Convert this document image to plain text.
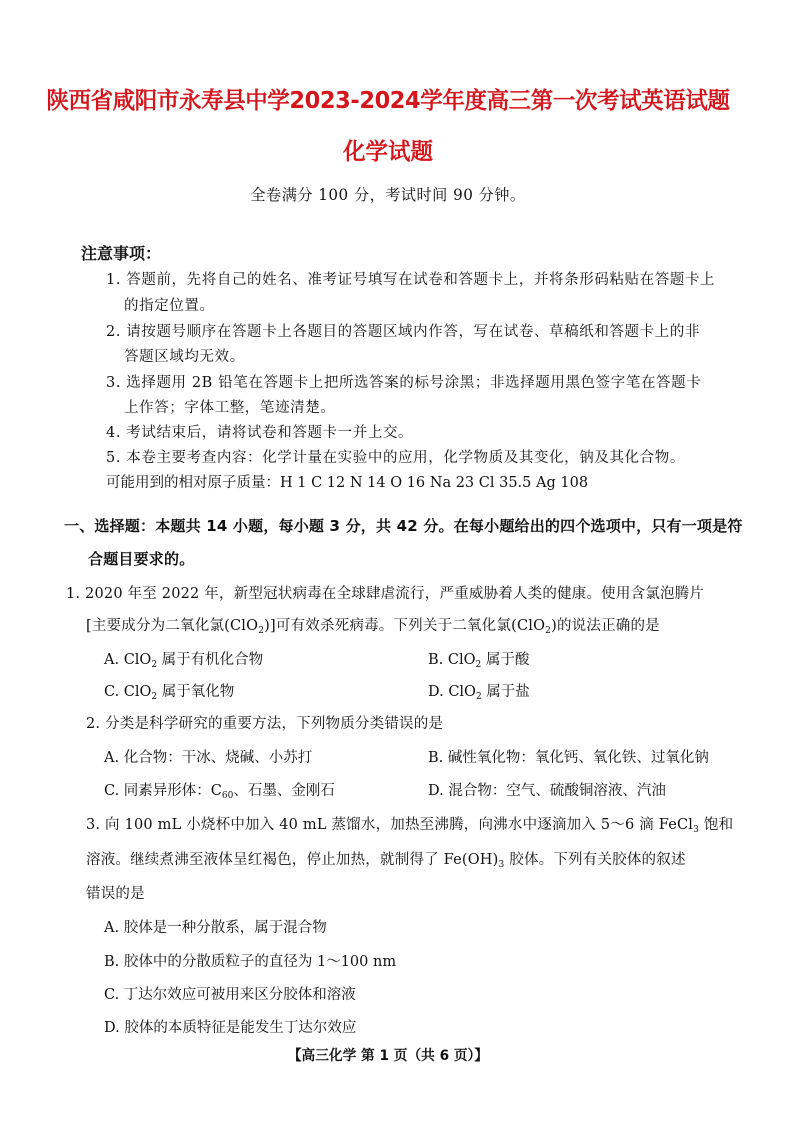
陕西省咸阳市永寿县中学2023-2024学年度高三第一次考试英语试题
化学试题
全卷满分 100 分，考试时间 90 分钟。
注意事项：
1. 答题前，先将自己的姓名、准考证号填写在试卷和答题卡上，并将条形码粘贴在答题卡上
的指定位置。
2. 请按题号顺序在答题卡上各题目的答题区域内作答，写在试卷、草稿纸和答题卡上的非
答题区域均无效。
3. 选择题用 2B 铅笔在答题卡上把所选答案的标号涂黑；非选择题用黑色签字笔在答题卡
上作答；字体工整，笔迹清楚。
4. 考试结束后，请将试卷和答题卡一并上交。
5. 本卷主要考查内容：化学计量在实验中的应用，化学物质及其变化，钠及其化合物。
可能用到的相对原子质量：H 1 C 12 N 14 O 16 Na 23 Cl 35.5 Ag 108
一、选择题：本题共 14 小题，每小题 3 分，共 42 分。在每小题给出的四个选项中，只有一项是符
合题目要求的。
1. 2020 年至 2022 年，新型冠状病毒在全球肆虐流行，严重威胁着人类的健康。使用含氯泡腾片
[主要成分为二氧化氯(ClO$_2$)]可有效杀死病毒。下列关于二氧化氯(ClO$_2$)的说法正确的是
A. ClO$_2$ 属于有机化合物	B. ClO$_2$ 属于酸
C. ClO$_2$ 属于氧化物	D. ClO$_2$ 属于盐
2. 分类是科学研究的重要方法，下列物质分类错误的是
A. 化合物：干冰、烧碱、小苏打	B. 碱性氧化物：氧化钙、氧化铁、过氧化钠
C. 同素异形体：$C_{60}$、石墨、金刚石	D. 混合物：空气、硫酸铜溶液、汽油
3. 向 100 mL 小烧杯中加入 40 mL 蒸馏水，加热至沸腾，向沸水中逐滴加入 5～6 滴 FeCl$_3$ 饱和
溶液。继续煮沸至液体呈红褐色，停止加热，就制得了 $Fe(OH)_3$ 胶体。下列有关胶体的叙述
错误的是
A. 胶体是一种分散系，属于混合物
B. 胶体中的分散质粒子的直径为 1～100 nm
C. 丁达尔效应可被用来区分胶体和溶液
D. 胶体的本质特征是能发生丁达尔效应
【高三化学 第 1 页（共 6 页）】
